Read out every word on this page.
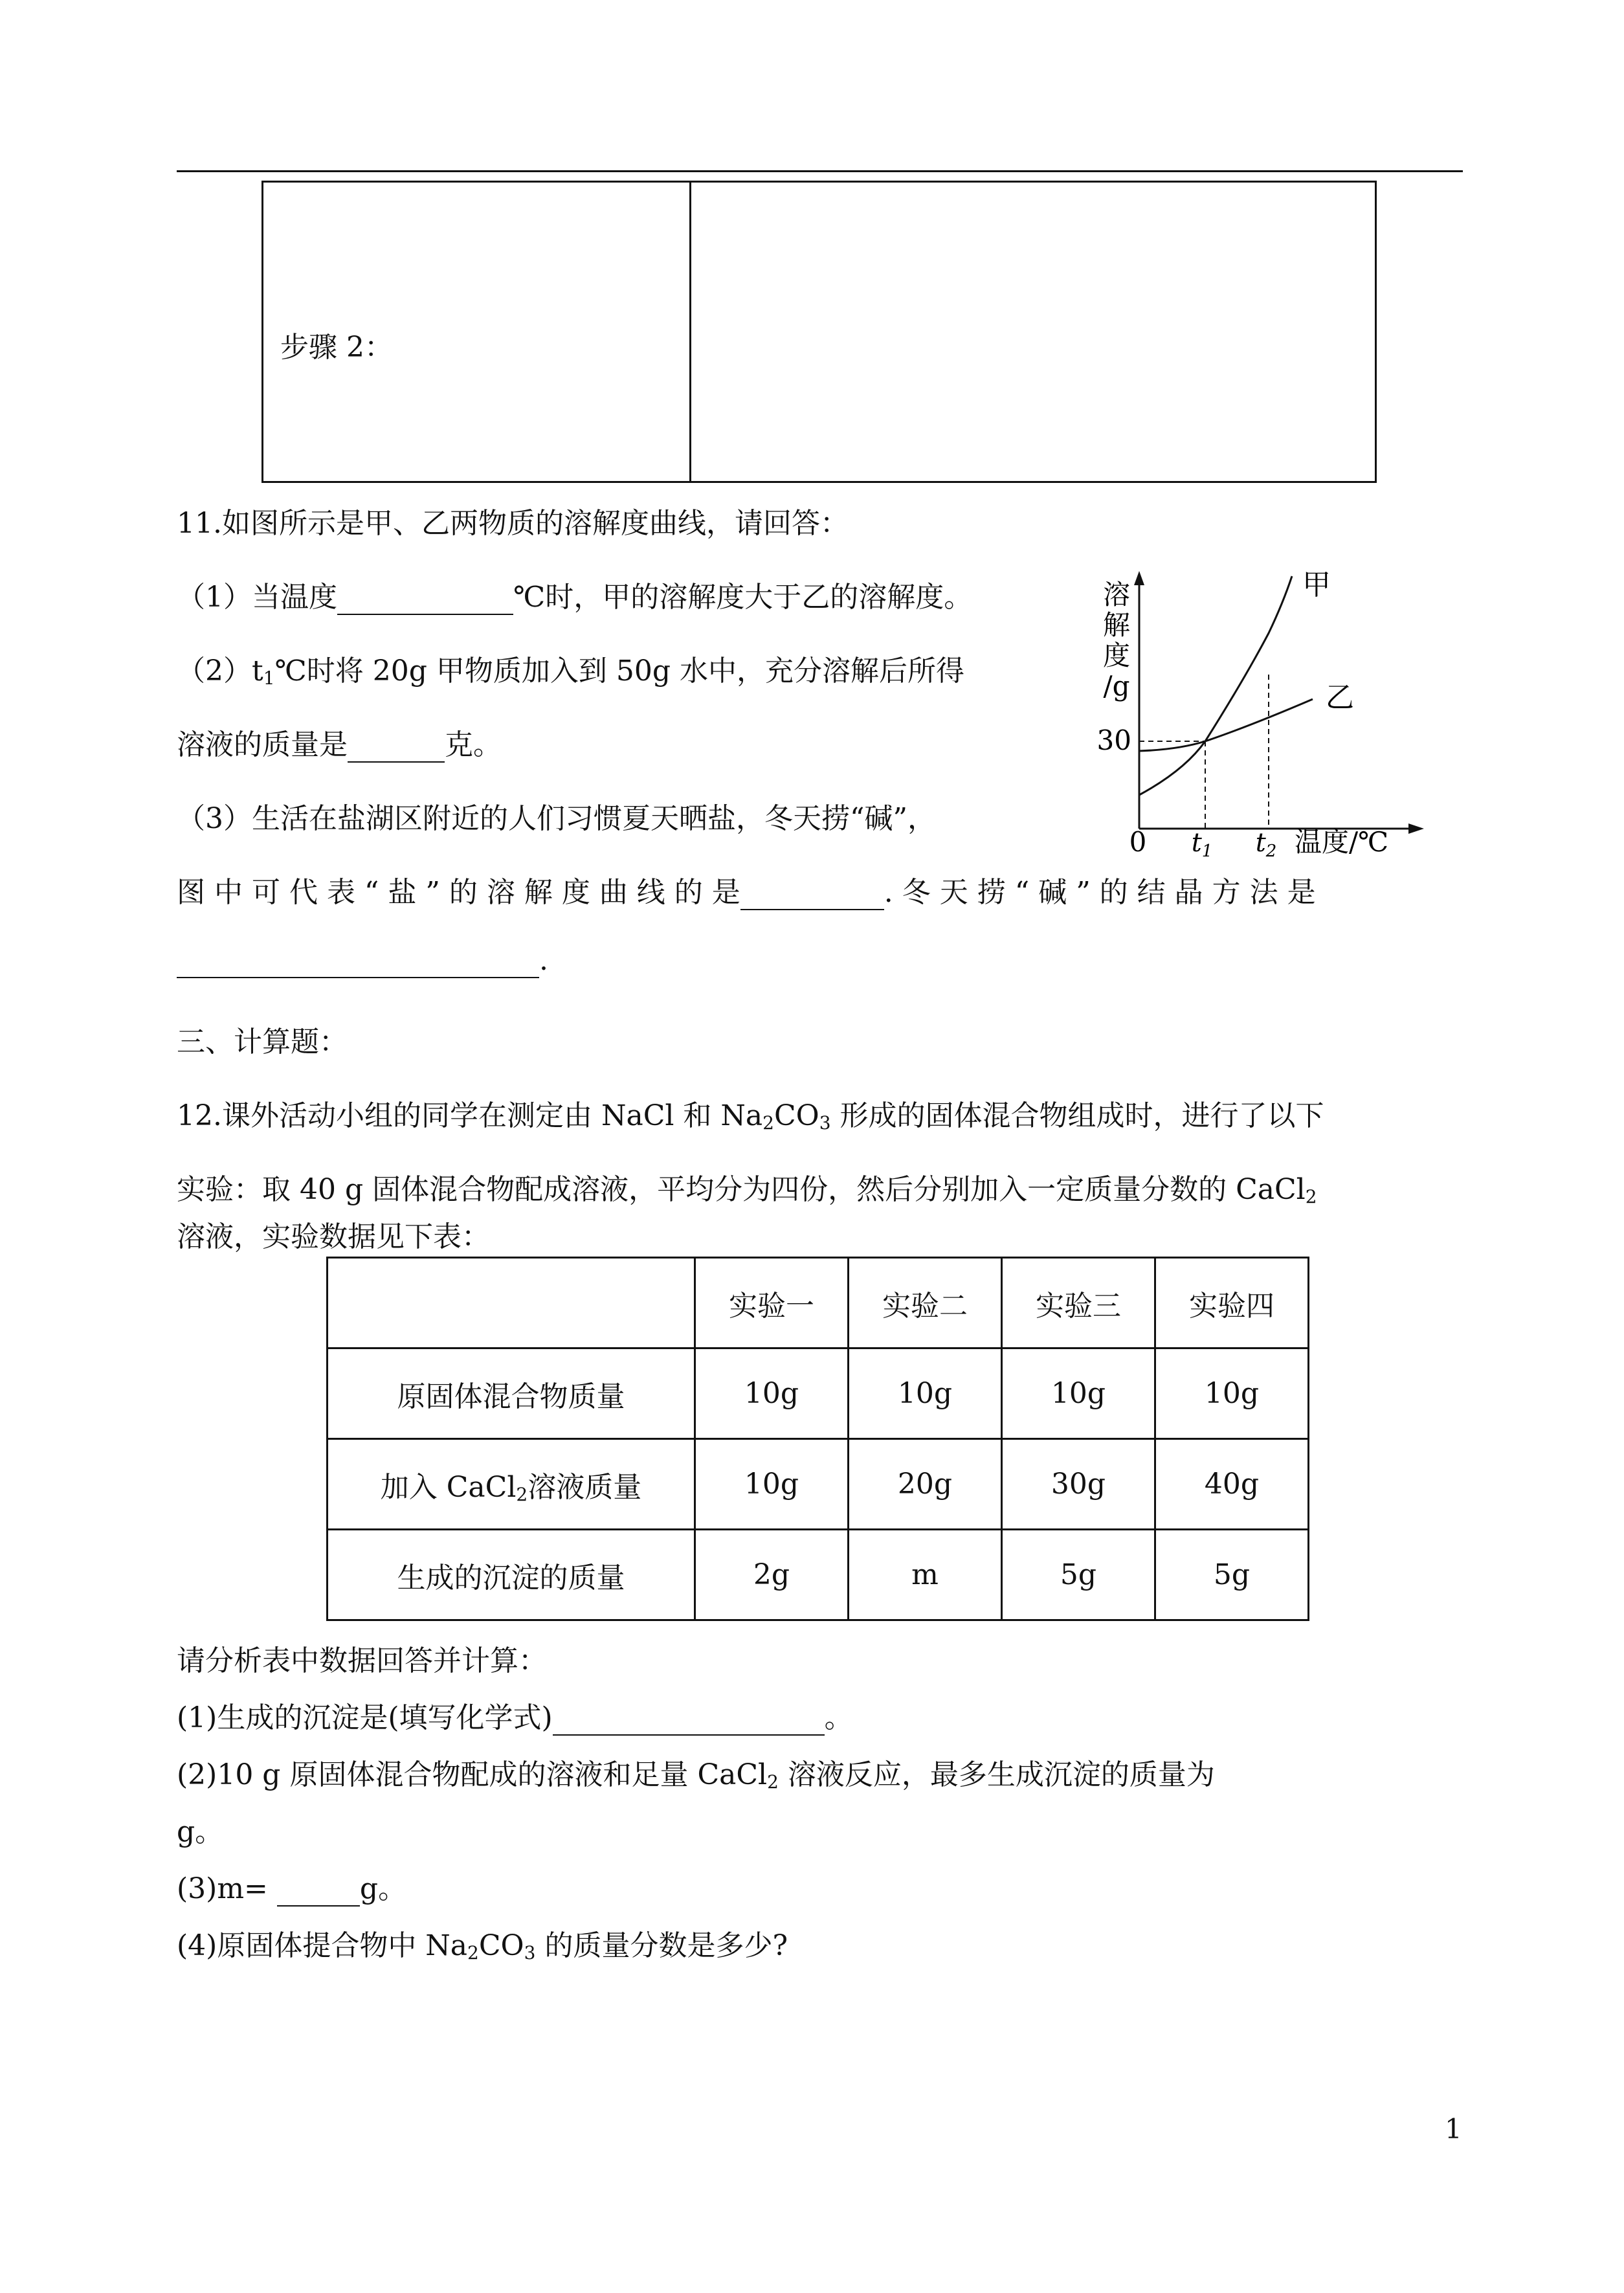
步骤 2：
11.如图所示是甲、乙两物质的溶解度曲线，请回答：
（1）当温度	℃时，甲的溶解度大于乙的溶解度。
$(2)t_1℃$时将 20g 甲物质加入到 50g 水中，充分溶解后所得
溶液的质量是	克。
（3）生活在盐湖区附近的人们习惯夏天晒盐，冬天捞“碱”，
图 中 可 代 表 “ 盐 ” 的 溶 解 度 曲 线 的 是	. 冬 天 捞 “ 碱 ” 的 结 晶 方 法 是
.
溶
解
度
/g
30
0 $t_1$ $t_2$ 温度/℃
甲
乙
三、计算题：
12.课外活动小组的同学在测定由 NaCl 和 $Na_2CO_3$ 形成的固体混合物组成时，进行了以下
实验：取 40 g 固体混合物配成溶液，平均分为四份，然后分别加入一定质量分数的 CaCl$_2$
溶液，实验数据见下表：
	实验一	实验二	实验三	实验四
原固体混合物质量	10g	10g	10g	10g
加入 CaCl$_2$溶液质量	10g	20g	30g	40g
生成的沉淀的质量	2g	m	5g	5g
请分析表中数据回答并计算：
(1)生成的沉淀是(填写化学式)	。
(2)10 g 原固体混合物配成的溶液和足量 CaCl$_2$ 溶液反应，最多生成沉淀的质量为
g。
(3)m=	g。
(4)原固体提合物中 $Na_2CO_3$ 的质量分数是多少?
1
